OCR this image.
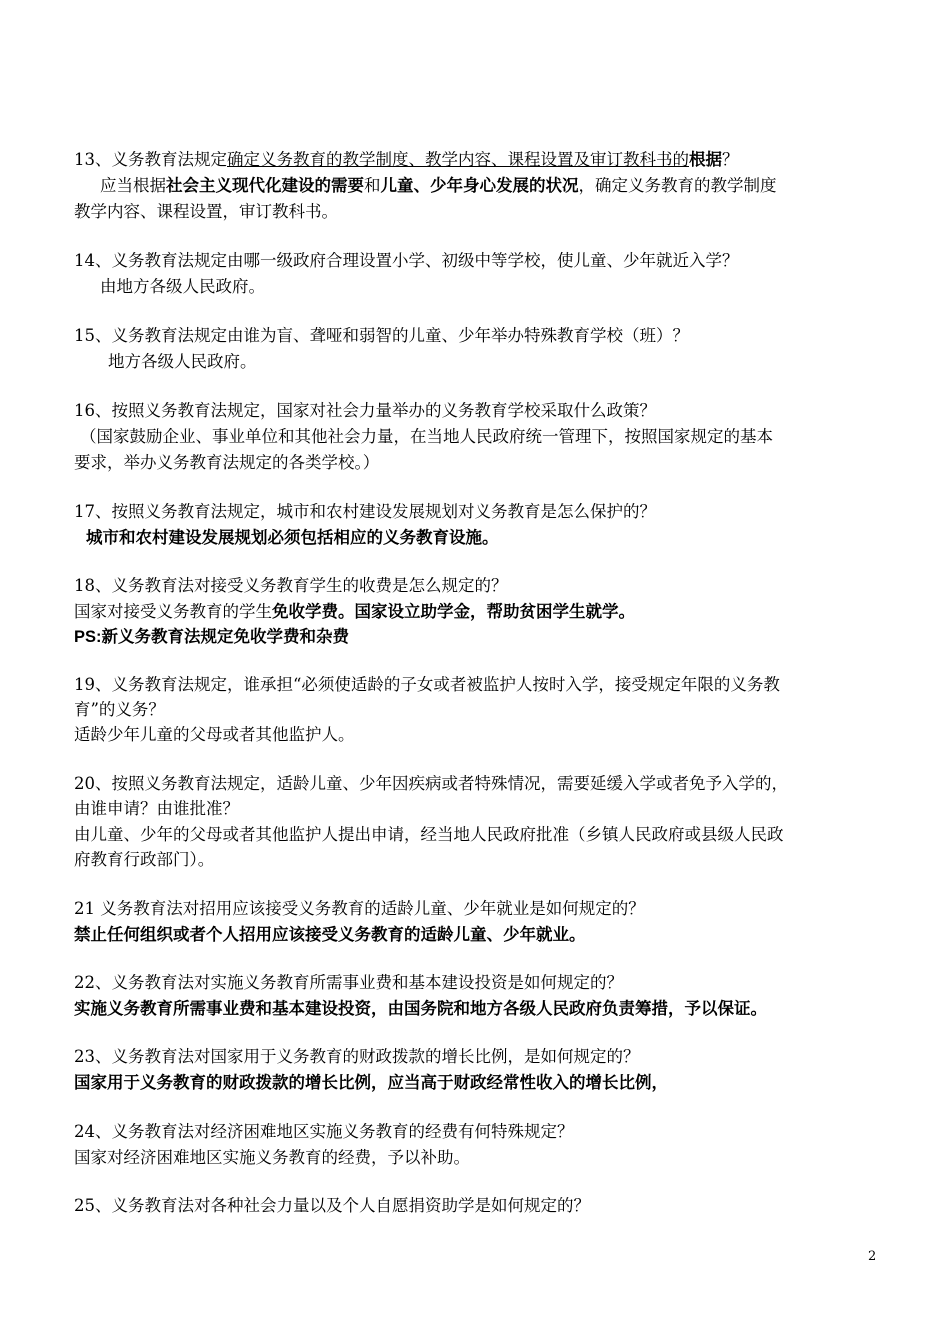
13、义务教育法规定确定义务教育的教学制度、教学内容、课程设置及审订教科书的根据？
应当根据社会主义现代化建设的需要和儿童、少年身心发展的状况，确定义务教育的教学制度
教学内容、课程设置，审订教科书。
14、义务教育法规定由哪一级政府合理设置小学、初级中等学校，使儿童、少年就近入学？
由地方各级人民政府。
15、义务教育法规定由谁为盲、聋哑和弱智的儿童、少年举办特殊教育学校（班）？
地方各级人民政府。
16、按照义务教育法规定，国家对社会力量举办的义务教育学校采取什么政策？
（国家鼓励企业、事业单位和其他社会力量，在当地人民政府统一管理下，按照国家规定的基本
要求，举办义务教育法规定的各类学校。）
17、按照义务教育法规定，城市和农村建设发展规划对义务教育是怎么保护的？
城市和农村建设发展规划必须包括相应的义务教育设施。
18、义务教育法对接受义务教育学生的收费是怎么规定的？
国家对接受义务教育的学生免收学费。国家设立助学金，帮助贫困学生就学。
PS:新义务教育法规定免收学费和杂费
19、义务教育法规定，谁承担“必须使适龄的子女或者被监护人按时入学，接受规定年限的义务教
育”的义务？
适龄少年儿童的父母或者其他监护人。
20、按照义务教育法规定，适龄儿童、少年因疾病或者特殊情况，需要延缓入学或者免予入学的，
由谁申请？由谁批准？
由儿童、少年的父母或者其他监护人提出申请，经当地人民政府批准（乡镇人民政府或县级人民政
府教育行政部门）。
21 义务教育法对招用应该接受义务教育的适龄儿童、少年就业是如何规定的？
禁止任何组织或者个人招用应该接受义务教育的适龄儿童、少年就业。
22、义务教育法对实施义务教育所需事业费和基本建设投资是如何规定的？
实施义务教育所需事业费和基本建设投资，由国务院和地方各级人民政府负责筹措，予以保证。
23、义务教育法对国家用于义务教育的财政拨款的增长比例，是如何规定的？
国家用于义务教育的财政拨款的增长比例，应当高于财政经常性收入的增长比例，
24、义务教育法对经济困难地区实施义务教育的经费有何特殊规定？
国家对经济困难地区实施义务教育的经费，予以补助。
25、义务教育法对各种社会力量以及个人自愿捐资助学是如何规定的？
2
